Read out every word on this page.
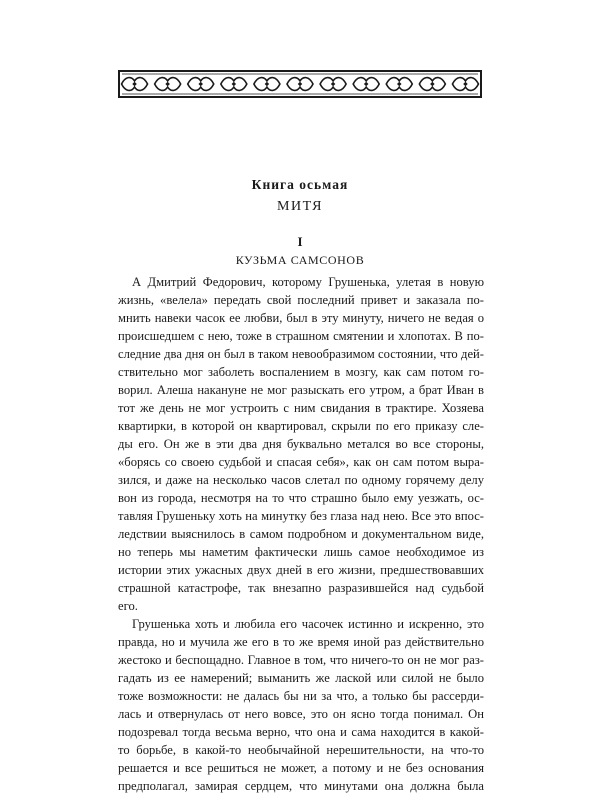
Книга осьмая
МИТЯ
I
КУЗЬМА САМСОНОВ
А Дмитрий Федорович, которому Грушенька, улетая в новую
жизнь, «велела» передать свой последний привет и заказала по-
мнить навеки часок ее любви, был в эту минуту, ничего не ведая о
происшедшем с нею, тоже в страшном смятении и хлопотах. В по-
следние два дня он был в таком невообразимом состоянии, что дей-
ствительно мог заболеть воспалением в мозгу, как сам потом го-
ворил. Алеша накануне не мог разыскать его утром, а брат Иван в
тот же день не мог устроить с ним свидания в трактире. Хозяева
квартирки, в которой он квартировал, скрыли по его приказу сле-
ды его. Он же в эти два дня буквально метался во все стороны,
«борясь со своею судьбой и спасая себя», как он сам потом выра-
зился, и даже на несколько часов слетал по одному горячему делу
вон из города, несмотря на то что страшно было ему уезжать, ос-
тавляя Грушеньку хоть на минутку без глаза над нею. Все это впос-
ледствии выяснилось в самом подробном и документальном виде,
но теперь мы наметим фактически лишь самое необходимое из
истории этих ужасных двух дней в его жизни, предшествовавших
страшной катастрофе, так внезапно разразившейся над судьбой
его.
Грушенька хоть и любила его часочек истинно и искренно, это
правда, но и мучила же его в то же время иной раз действительно
жестоко и беспощадно. Главное в том, что ничего-то он не мог раз-
гадать из ее намерений; выманить же лаской или силой не было
тоже возможности: не далась бы ни за что, а только бы рассерди-
лась и отвернулась от него вовсе, это он ясно тогда понимал. Он
подозревал тогда весьма верно, что она и сама находится в какой-
то борьбе, в какой-то необычайной нерешительности, на что-то
решается и все решиться не может, а потому и не без основания
предполагал, замирая сердцем, что минутами она должна была
